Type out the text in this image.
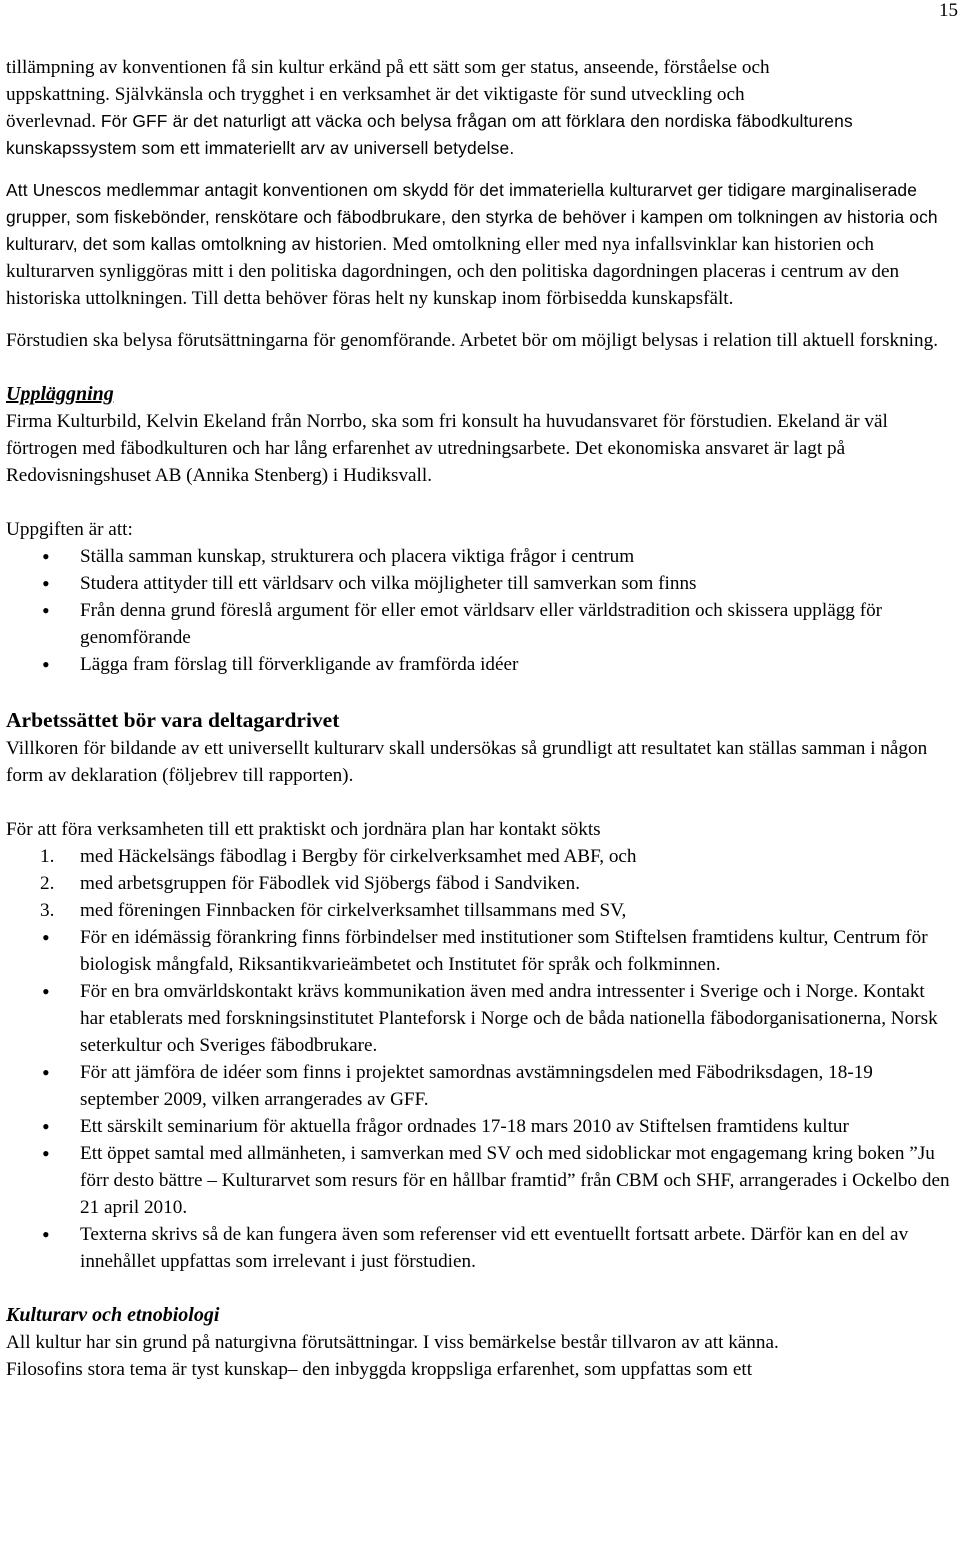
15

tillämpning av konventionen få sin kultur erkänd på ett sätt som ger status, anseende, förståelse och
uppskattning. Självkänsla och trygghet i en verksamhet är det viktigaste för sund utveckling och
överlevnad. För GFF är det naturligt att väcka och belysa frågan om att förklara den nordiska fäbodkulturens kunskapssystem som ett immateriellt arv av universell betydelse.

Att Unescos medlemmar antagit konventionen om skydd för det immateriella kulturarvet ger tidigare marginaliserade grupper, som fiskebönder, renskötare och fäbodbrukare, den styrka de behöver i kampen om tolkningen av historia och kulturarv, det som kallas omtolkning av historien. Med omtolkning eller med nya infallsvinklar kan historien och kulturarven synliggöras mitt i den politiska dagordningen, och den politiska dagordningen placeras i centrum av den historiska uttolkningen. Till detta behöver föras helt ny kunskap inom förbisedda kunskapsfält.

Förstudien ska belysa förutsättningarna för genomförande. Arbetet bör om möjligt belysas i relation till aktuell forskning.

Uppläggning

Firma Kulturbild, Kelvin Ekeland från Norrbo, ska som fri konsult ha huvudansvaret för förstudien. Ekeland är väl förtrogen med fäbodkulturen och har lång erfarenhet av utredningsarbete. Det ekonomiska ansvaret är lagt på Redovisningshuset AB (Annika Stenberg) i Hudiksvall.

Uppgiften är att:

• Ställa samman kunskap, strukturera och placera viktiga frågor i centrum
• Studera attityder till ett världsarv och vilka möjligheter till samverkan som finns
• Från denna grund föreslå argument för eller emot världsarv eller världstradition och skissera upplägg för genomförande
• Lägga fram förslag till förverkligande av framförda idéer
Arbetssättet bör vara deltagardrivet

Villkoren för bildande av ett universellt kulturarv skall undersökas så grundligt att resultatet kan ställas samman i någon form av deklaration (följebrev till rapporten).

För att föra verksamheten till ett praktiskt och jordnära plan har kontakt sökts

1. med Häckelsängs fäbodlag i Bergby för cirkelverksamhet med ABF, och
2. med arbetsgruppen för Fäbodlek vid Sjöbergs fäbod i Sandviken.
3. med föreningen Finnbacken för cirkelverksamhet tillsammans med SV,
• För en idémässig förankring finns förbindelser med institutioner som Stiftelsen framtidens kultur, Centrum för biologisk mångfald, Riksantikvarieämbetet och Institutet för språk och folkminnen.
• För en bra omvärldskontakt krävs kommunikation även med andra intressenter i Sverige och i Norge. Kontakt har etablerats med forskningsinstitutet Planteforsk i Norge och de båda nationella fäbodorganisationerna, Norsk seterkultur och Sveriges fäbodbrukare.
• För att jämföra de idéer som finns i projektet samordnas avstämningsdelen med Fäbodriksdagen, 18-19 september 2009, vilken arrangerades av GFF.
• Ett särskilt seminarium för aktuella frågor ordnades 17-18 mars 2010 av Stiftelsen framtidens kultur
• Ett öppet samtal med allmänheten, i samverkan med SV och med sidoblickar mot engagemang kring boken ”Ju förr desto bättre – Kulturarvet som resurs för en hållbar framtid” från CBM och SHF, arrangerades i Ockelbo den 21 april 2010.
• Texterna skrivs så de kan fungera även som referenser vid ett eventuellt fortsatt arbete. Därför kan en del av innehållet uppfattas som irrelevant i just förstudien.
Kulturarv och etnobiologi

All kultur har sin grund på naturgivna förutsättningar. I viss bemärkelse består tillvaron av att känna.
Filosofins stora tema är tyst kunskap– den inbyggda kroppsliga erfarenhet, som uppfattas som ett
